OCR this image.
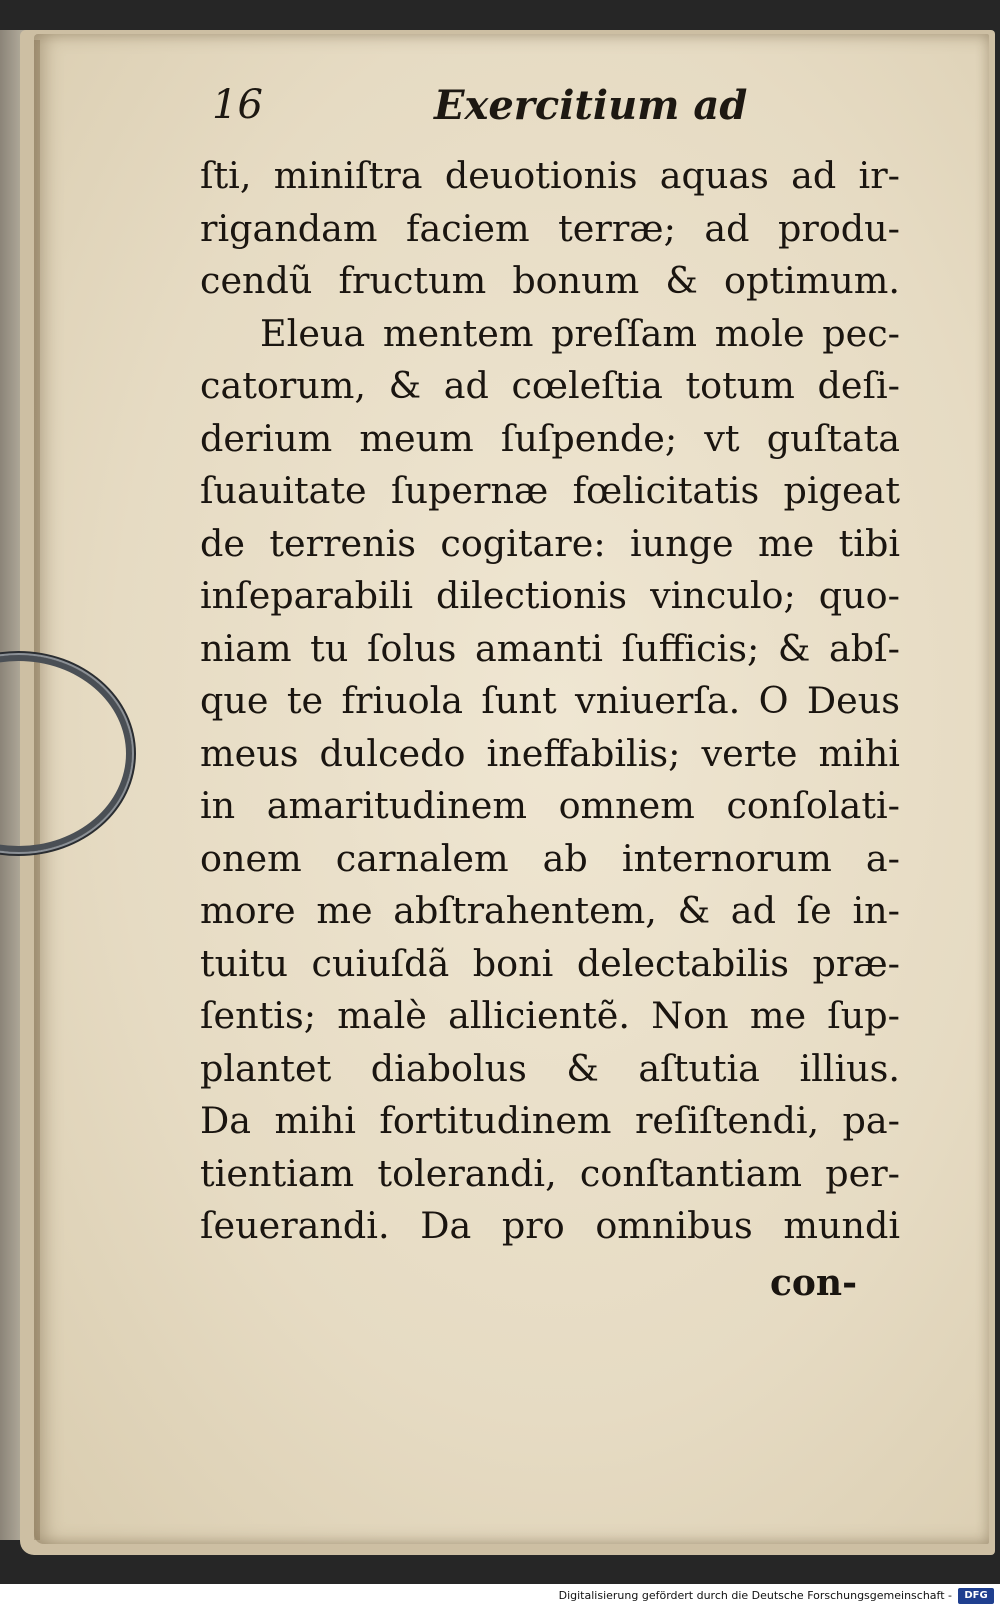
16	Exercitium ad
ſti, miniſtra deuotionis aquas ad ir-
rigandam faciem terræ; ad produ-
cendũ fructum bonum & optimum.
Eleua mentem preſſam mole pec-
catorum, & ad cœleſtia totum deſi-
derium meum ſuſpende; vt guſtata
ſuauitate ſupernæ fœlicitatis pigeat
de terrenis cogitare: iunge me tibi
inſeparabili dilectionis vinculo; quo-
niam tu ſolus amanti ſufficis; & abſ-
que te friuola ſunt vniuerſa. O Deus
meus dulcedo ineffabilis; verte mihi
in amaritudinem omnem conſolati-
onem carnalem ab internorum a-
more me abſtrahentem, & ad ſe in-
tuitu cuiuſdã boni delectabilis præ-
ſentis; malè allicientẽ. Non me ſup-
plantet diabolus & aſtutia illius.
Da mihi fortitudinem reſiſtendi, pa-
tientiam tolerandi, conſtantiam per-
ſeuerandi. Da pro omnibus mundi
con-
Digitalisierung gefördert durch die Deutsche Forschungsgemeinschaft -	DFG
